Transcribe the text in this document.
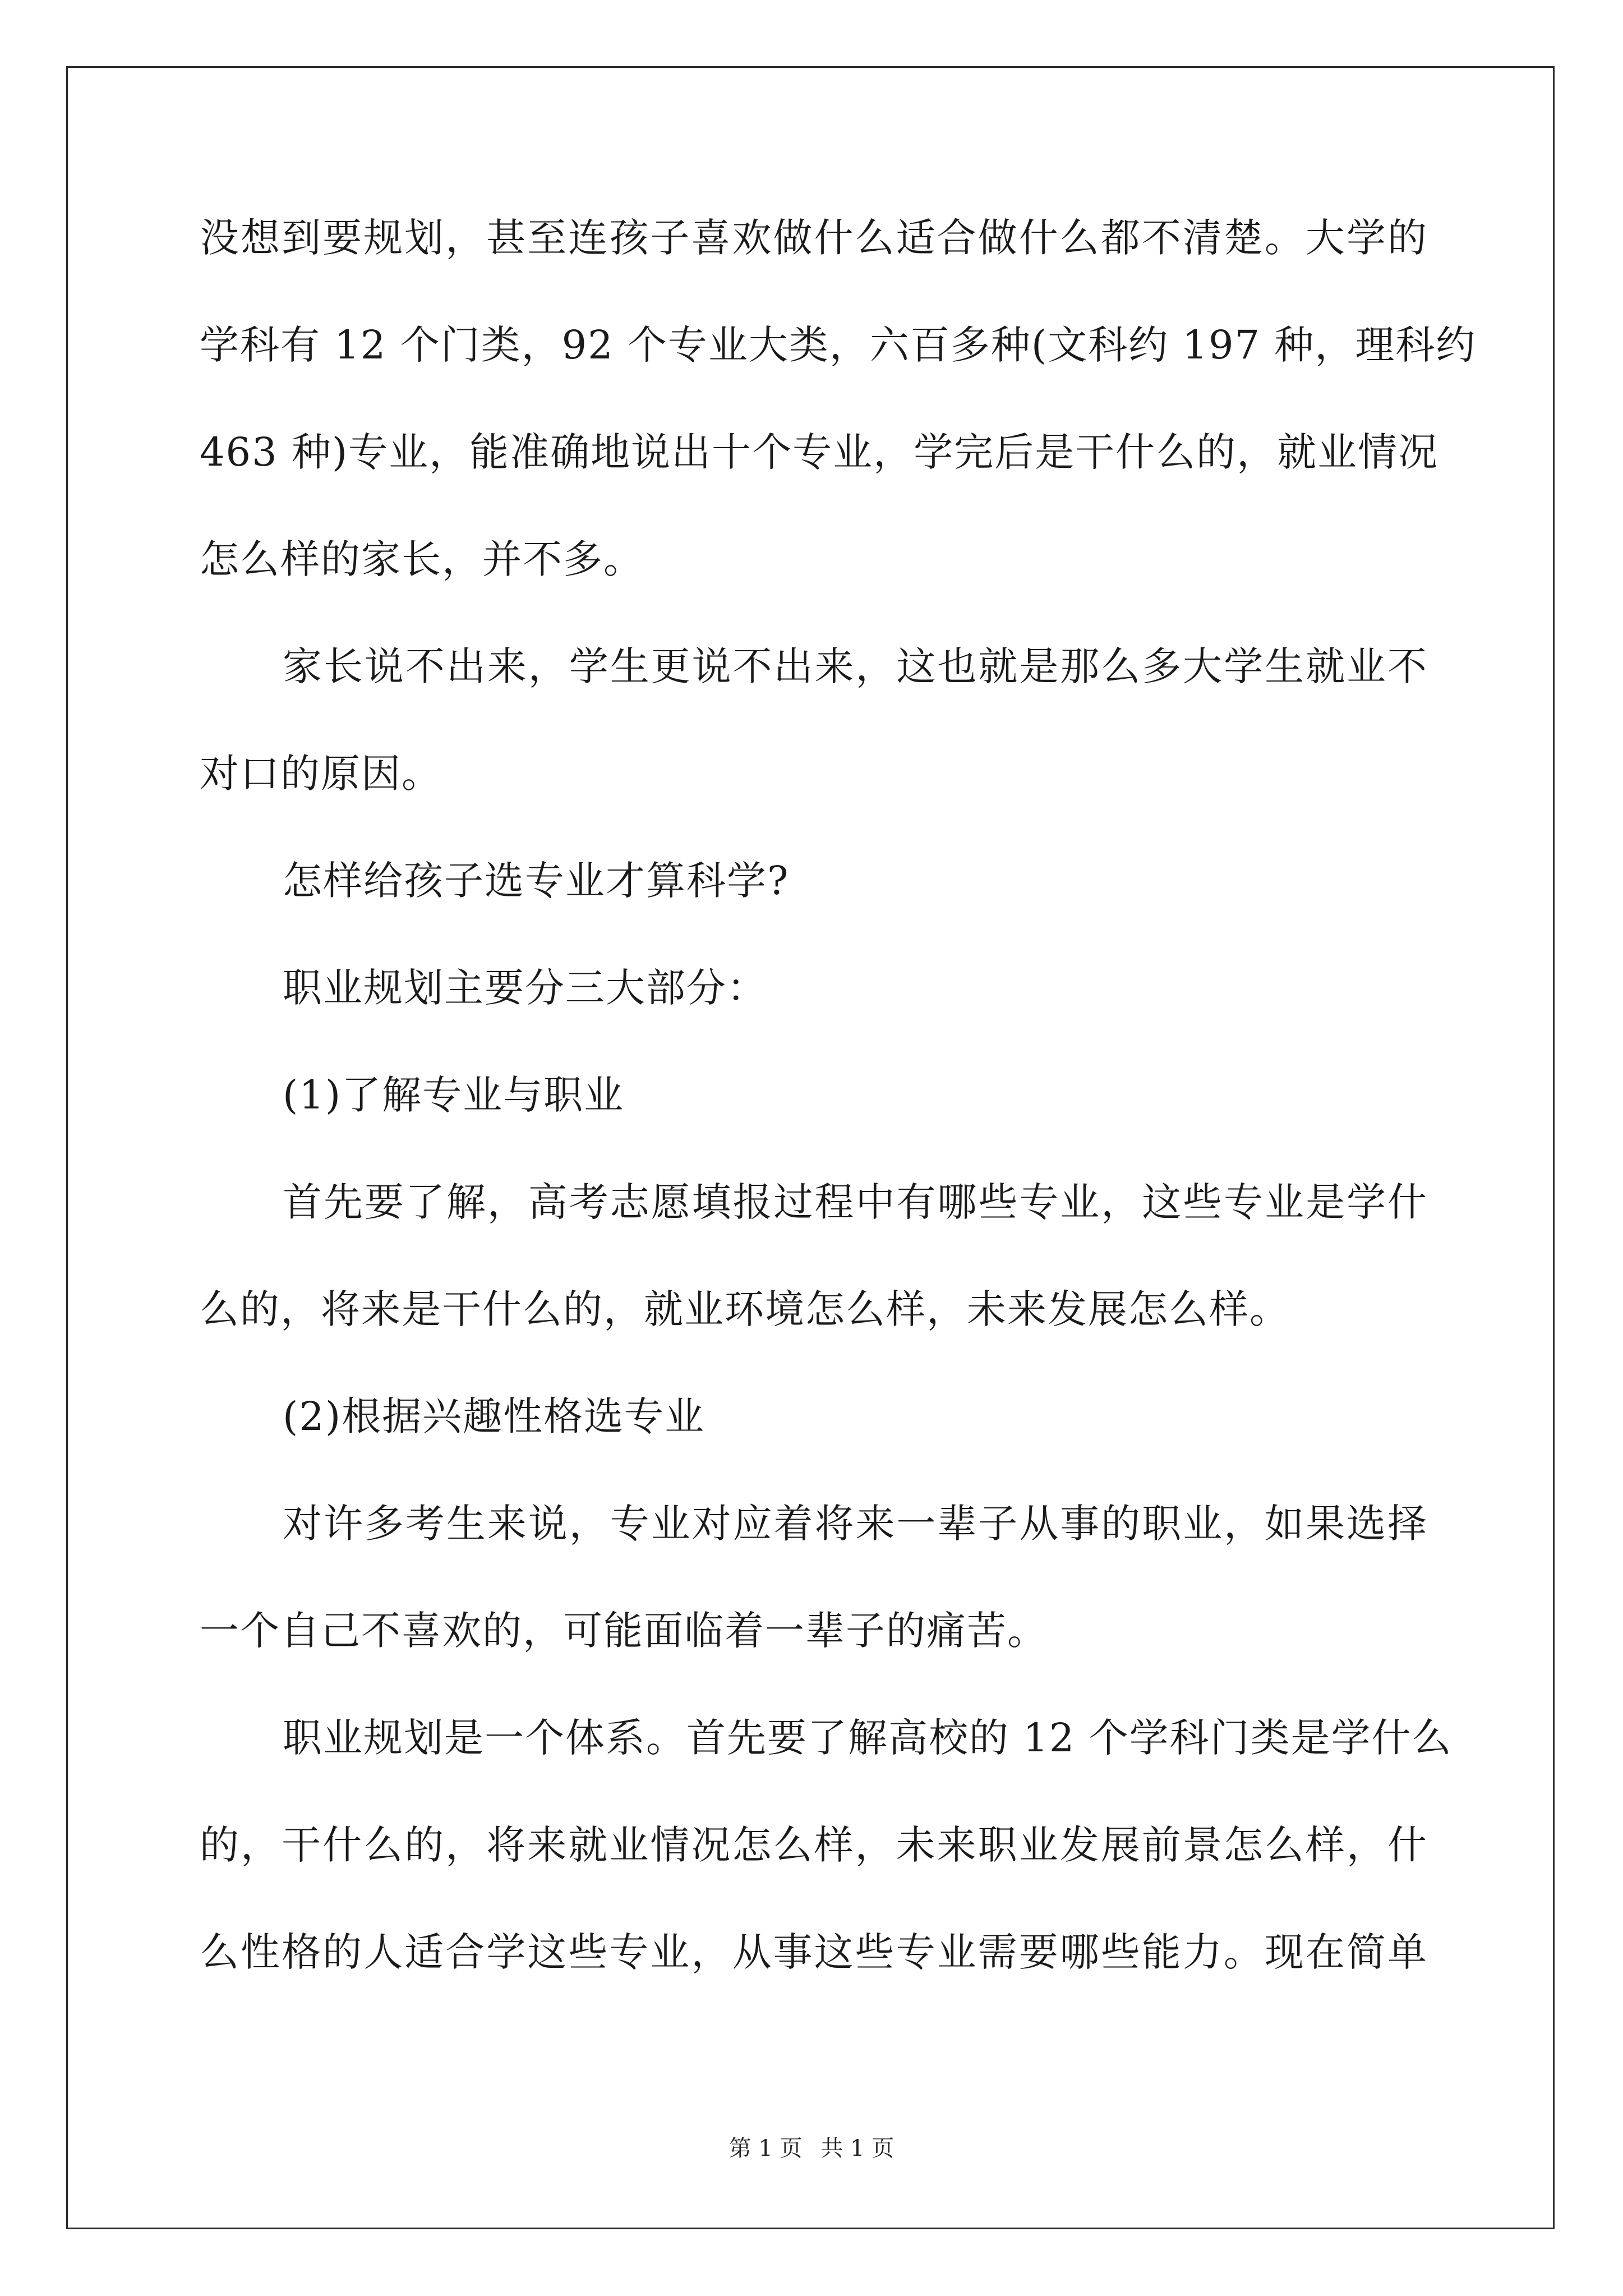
没想到要规划，甚至连孩子喜欢做什么适合做什么都不清楚。大学的
学科有 12 个门类，92 个专业大类，六百多种(文科约 197 种，理科约
463 种)专业，能准确地说出十个专业，学完后是干什么的，就业情况
怎么样的家长，并不多。
家长说不出来，学生更说不出来，这也就是那么多大学生就业不
对口的原因。
怎样给孩子选专业才算科学?
职业规划主要分三大部分：
(1)了解专业与职业
首先要了解，高考志愿填报过程中有哪些专业，这些专业是学什
么的，将来是干什么的，就业环境怎么样，未来发展怎么样。
(2)根据兴趣性格选专业
对许多考生来说，专业对应着将来一辈子从事的职业，如果选择
一个自己不喜欢的，可能面临着一辈子的痛苦。
职业规划是一个体系。首先要了解高校的 12 个学科门类是学什么
的，干什么的，将来就业情况怎么样，未来职业发展前景怎么样，什
么性格的人适合学这些专业，从事这些专业需要哪些能力。现在简单
第 1 页 共 1 页
